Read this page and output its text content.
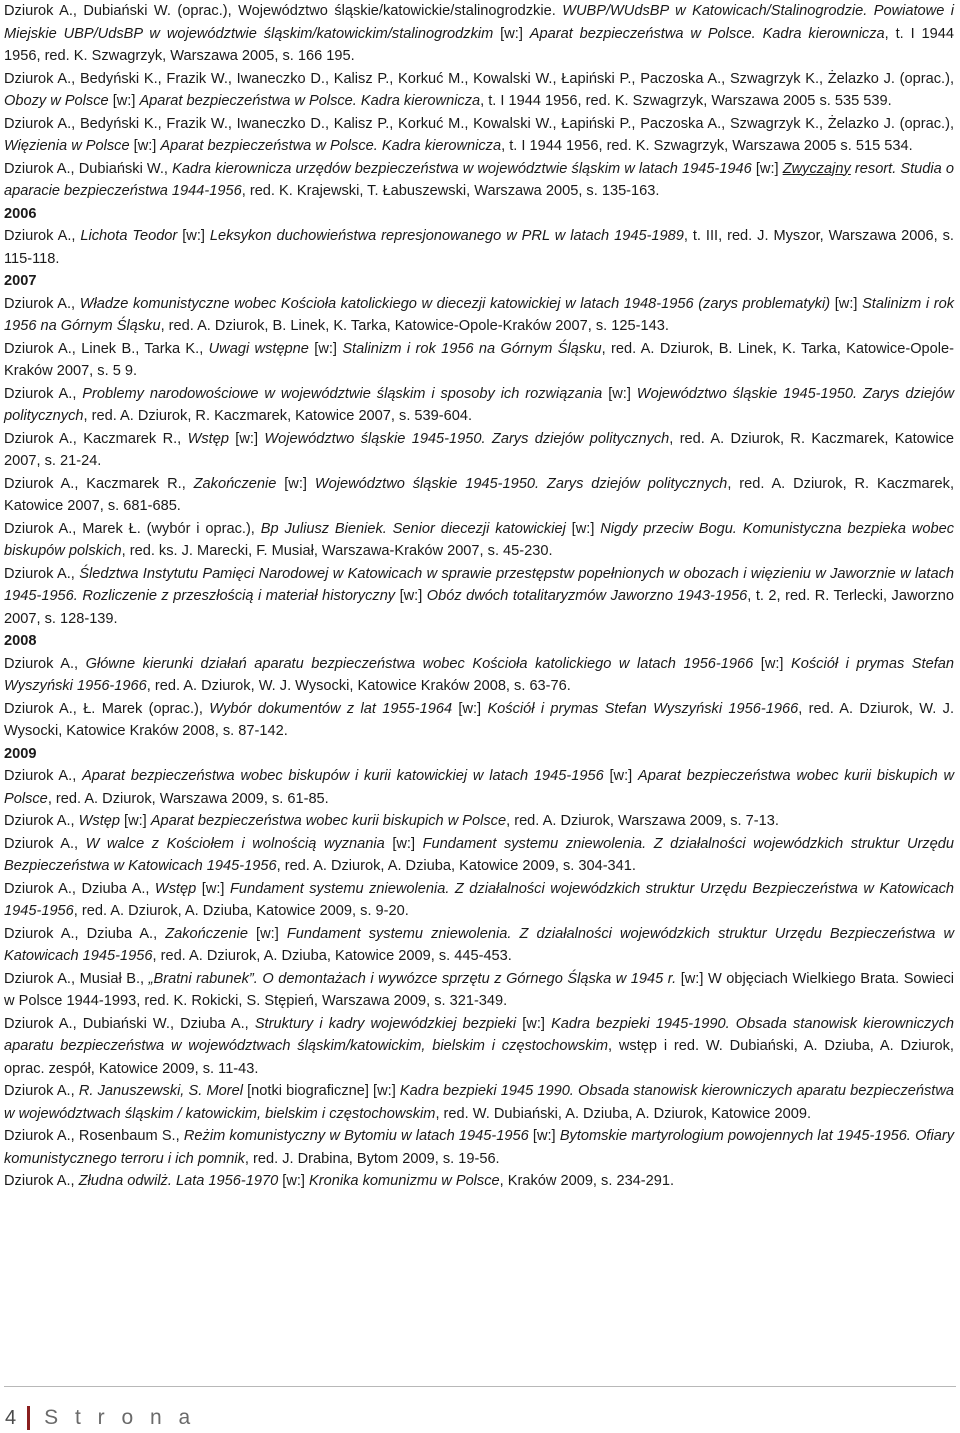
Dziurok A., Dubiański W. (oprac.), Województwo śląskie/katowickie/stalinogrodzkie. WUBP/WUdsBP w Katowicach/Stalinogrodzie. Powiatowe i Miejskie UBP/UdsBP w województwie śląskim/katowickim/stalinogrodzkim [w:] Aparat bezpieczeństwa w Polsce. Kadra kierownicza, t. I 1944 1956, red. K. Szwagrzyk, Warszawa 2005, s. 166 195.

Dziurok A., Bedyński K., Frazik W., Iwaneczko D., Kalisz P., Korkuć M., Kowalski W., Łapiński P., Paczoska A., Szwagrzyk K., Żelazko J. (oprac.), Obozy w Polsce [w:] Aparat bezpieczeństwa w Polsce. Kadra kierownicza, t. I 1944 1956, red. K. Szwagrzyk, Warszawa 2005 s. 535 539.

Dziurok A., Bedyński K., Frazik W., Iwaneczko D., Kalisz P., Korkuć M., Kowalski W., Łapiński P., Paczoska A., Szwagrzyk K., Żelazko J. (oprac.), Więzienia w Polsce [w:] Aparat bezpieczeństwa w Polsce. Kadra kierownicza, t. I 1944 1956, red. K. Szwagrzyk, Warszawa 2005 s. 515 534.

Dziurok A., Dubiański W., Kadra kierownicza urzędów bezpieczeństwa w województwie śląskim w latach 1945-1946 [w:] Zwyczajny resort. Studia o aparacie bezpieczeństwa 1944-1956, red. K. Krajewski, T. Łabuszewski, Warszawa 2005, s. 135-163.

2006

Dziurok A., Lichota Teodor [w:] Leksykon duchowieństwa represjonowanego w PRL w latach 1945-1989, t. III, red. J. Myszor, Warszawa 2006, s. 115-118.

2007

Dziurok A., Władze komunistyczne wobec Kościoła katolickiego w diecezji katowickiej w latach 1948-1956 (zarys problematyki) [w:] Stalinizm i rok 1956 na Górnym Śląsku, red. A. Dziurok, B. Linek, K. Tarka, Katowice-Opole-Kraków 2007, s. 125-143.

Dziurok A., Linek B., Tarka K., Uwagi wstępne [w:] Stalinizm i rok 1956 na Górnym Śląsku, red. A. Dziurok, B. Linek, K. Tarka, Katowice-Opole-Kraków 2007, s. 5 9.

Dziurok A., Problemy narodowościowe w województwie śląskim i sposoby ich rozwiązania [w:] Województwo śląskie 1945-1950. Zarys dziejów politycznych, red. A. Dziurok, R. Kaczmarek, Katowice 2007, s. 539-604.

Dziurok A., Kaczmarek R., Wstęp [w:] Województwo śląskie 1945-1950. Zarys dziejów politycznych, red. A. Dziurok, R. Kaczmarek, Katowice 2007, s. 21-24.

Dziurok A., Kaczmarek R., Zakończenie [w:] Województwo śląskie 1945-1950. Zarys dziejów politycznych, red. A. Dziurok, R. Kaczmarek, Katowice 2007, s. 681-685.

Dziurok A., Marek Ł. (wybór i oprac.), Bp Juliusz Bieniek. Senior diecezji katowickiej [w:] Nigdy przeciw Bogu. Komunistyczna bezpieka wobec biskupów polskich, red. ks. J. Marecki, F. Musiał, Warszawa-Kraków 2007, s. 45-230.

Dziurok A., Śledztwa Instytutu Pamięci Narodowej w Katowicach w sprawie przestępstw popełnionych w obozach i więzieniu w Jaworznie w latach 1945-1956. Rozliczenie z przeszłością i materiał historyczny [w:] Obóz dwóch totalitaryzmów Jaworzno 1943-1956, t. 2, red. R. Terlecki, Jaworzno 2007, s. 128-139.

2008

Dziurok A., Główne kierunki działań aparatu bezpieczeństwa wobec Kościoła katolickiego w latach 1956-1966 [w:] Kościół i prymas Stefan Wyszyński 1956-1966, red. A. Dziurok, W. J. Wysocki, Katowice Kraków 2008, s. 63-76.

Dziurok A., Ł. Marek (oprac.), Wybór dokumentów z lat 1955-1964 [w:] Kościół i prymas Stefan Wyszyński 1956-1966, red. A. Dziurok, W. J. Wysocki, Katowice Kraków 2008, s. 87-142.

2009

Dziurok A., Aparat bezpieczeństwa wobec biskupów i kurii katowickiej w latach 1945-1956 [w:] Aparat bezpieczeństwa wobec kurii biskupich w Polsce, red. A. Dziurok, Warszawa 2009, s. 61-85.

Dziurok A., Wstęp [w:] Aparat bezpieczeństwa wobec kurii biskupich w Polsce, red. A. Dziurok, Warszawa 2009, s. 7-13.

Dziurok A., W walce z Kościołem i wolnością wyznania [w:] Fundament systemu zniewolenia. Z działalności wojewódzkich struktur Urzędu Bezpieczeństwa w Katowicach 1945-1956, red. A. Dziurok, A. Dziuba, Katowice 2009, s. 304-341.

Dziurok A., Dziuba A., Wstęp [w:] Fundament systemu zniewolenia. Z działalności wojewódzkich struktur Urzędu Bezpieczeństwa w Katowicach 1945-1956, red. A. Dziurok, A. Dziuba, Katowice 2009, s. 9-20.

Dziurok A., Dziuba A., Zakończenie [w:] Fundament systemu zniewolenia. Z działalności wojewódzkich struktur Urzędu Bezpieczeństwa w Katowicach 1945-1956, red. A. Dziurok, A. Dziuba, Katowice 2009, s. 445-453.

Dziurok A., Musiał B., „Bratni rabunek”. O demontażach i wywózce sprzętu z Górnego Śląska w 1945 r. [w:] W objęciach Wielkiego Brata. Sowieci w Polsce 1944-1993, red. K. Rokicki, S. Stępień, Warszawa 2009, s. 321-349.

Dziurok A., Dubiański W., Dziuba A., Struktury i kadry wojewódzkiej bezpieki [w:] Kadra bezpieki 1945-1990. Obsada stanowisk kierowniczych aparatu bezpieczeństwa w województwach śląskim/katowickim, bielskim i częstochowskim, wstęp i red. W. Dubiański, A. Dziuba, A. Dziurok, oprac. zespół, Katowice 2009, s. 11-43.

Dziurok A., R. Januszewski, S. Morel [notki biograficzne] [w:] Kadra bezpieki 1945 1990. Obsada stanowisk kierowniczych aparatu bezpieczeństwa w województwach śląskim / katowickim, bielskim i częstochowskim, red. W. Dubiański, A. Dziuba, A. Dziurok, Katowice 2009.

Dziurok A., Rosenbaum S., Reżim komunistyczny w Bytomiu w latach 1945-1956 [w:] Bytomskie martyrologium powojennych lat 1945-1956. Ofiary komunistycznego terroru i ich pomnik, red. J. Drabina, Bytom 2009, s. 19-56.

Dziurok A., Złudna odwilż. Lata 1956-1970 [w:] Kronika komunizmu w Polsce, Kraków 2009, s. 234-291.

4 S t r o n a
